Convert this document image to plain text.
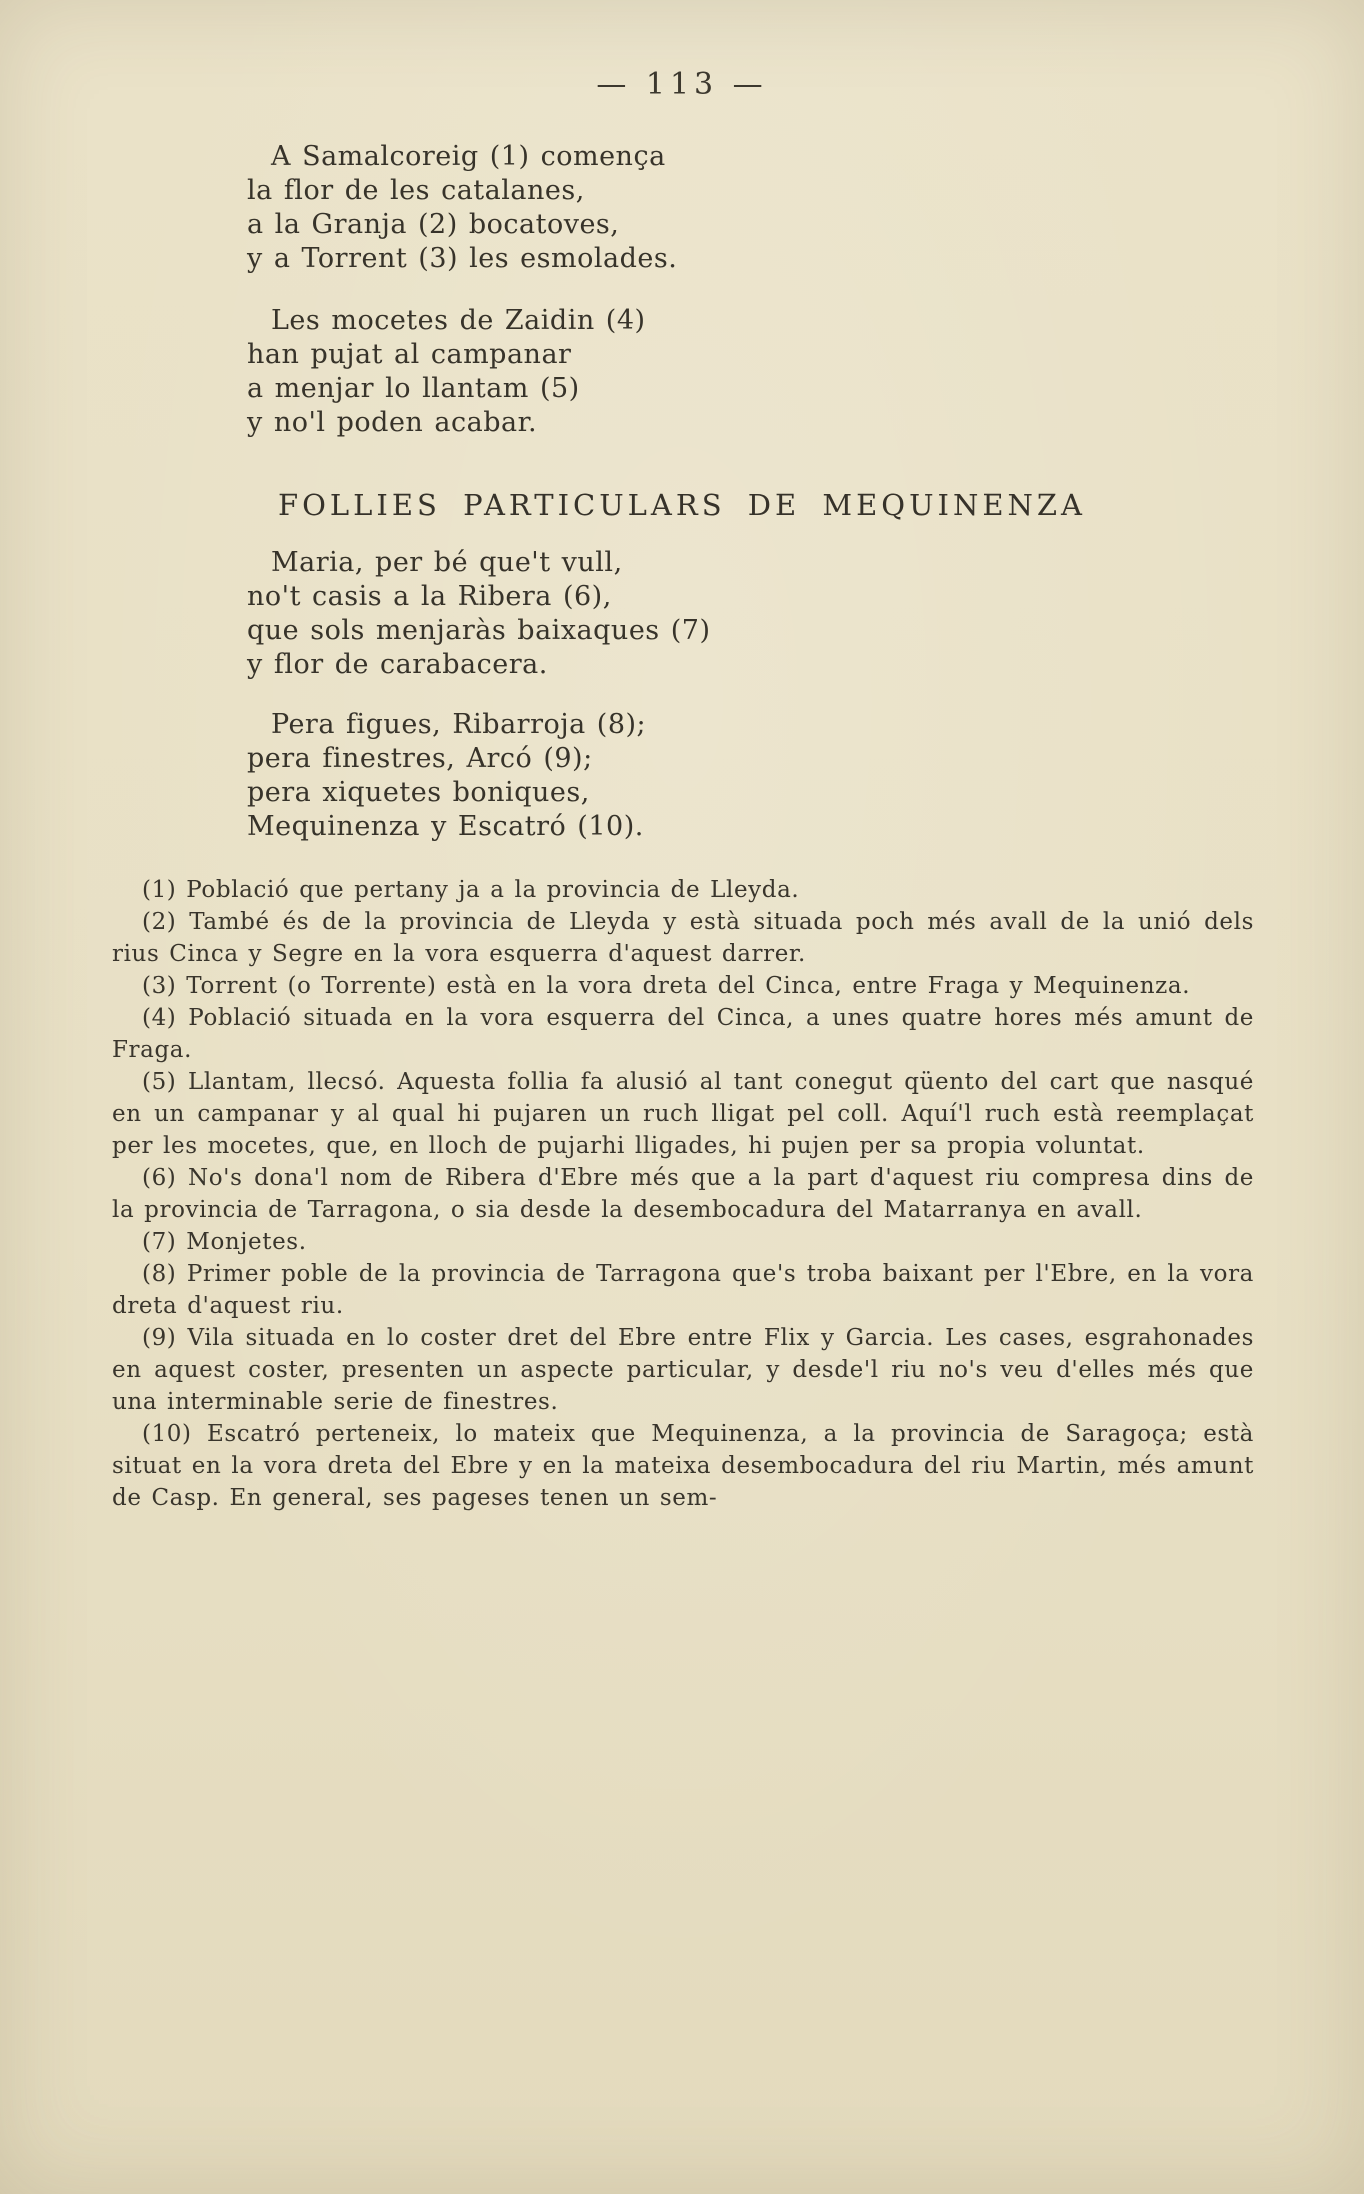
— 113 —
A Samalcoreig (1) comença
la flor de les catalanes,
a la Granja (2) bocatoves,
y a Torrent (3) les esmolades.
Les mocetes de Zaidin (4)
han pujat al campanar
a menjar lo llantam (5)
y no'l poden acabar.
FOLLIES PARTICULARS DE MEQUINENZA
Maria, per bé que't vull,
no't casis a la Ribera (6),
que sols menjaràs baixaques (7)
y flor de carabacera.
Pera figues, Ribarroja (8);
pera finestres, Arcó (9);
pera xiquetes boniques,
Mequinenza y Escatró (10).

(1) Població que pertany ja a la provincia de Lleyda.

(2) També és de la provincia de Lleyda y està situada poch més avall de la unió dels rius Cinca y Segre en la vora esquerra d'aquest darrer.

(3) Torrent (o Torrente) està en la vora dreta del Cinca, entre Fraga y Mequinenza.

(4) Població situada en la vora esquerra del Cinca, a unes quatre hores més amunt de Fraga.

(5) Llantam, llecsó. Aquesta follia fa alusió al tant conegut qüento del cart que nasqué en un campanar y al qual hi pujaren un ruch lligat pel coll. Aquí'l ruch està reemplaçat per les mocetes, que, en lloch de pujarhi lligades, hi pujen per sa propia voluntat.

(6) No's dona'l nom de Ribera d'Ebre més que a la part d'aquest riu compresa dins de la provincia de Tarragona, o sia desde la desembocadura del Matarranya en avall.

(7) Monjetes.

(8) Primer poble de la provincia de Tarragona que's troba baixant per l'Ebre, en la vora dreta d'aquest riu.

(9) Vila situada en lo coster dret del Ebre entre Flix y Garcia. Les cases, esgrahonades en aquest coster, presenten un aspecte particular, y desde'l riu no's veu d'elles més que una interminable serie de finestres.

(10) Escatró perteneix, lo mateix que Mequinenza, a la provincia de Saragoça; està situat en la vora dreta del Ebre y en la mateixa desembocadura del riu Martin, més amunt de Casp. En general, ses pageses tenen un sem-
